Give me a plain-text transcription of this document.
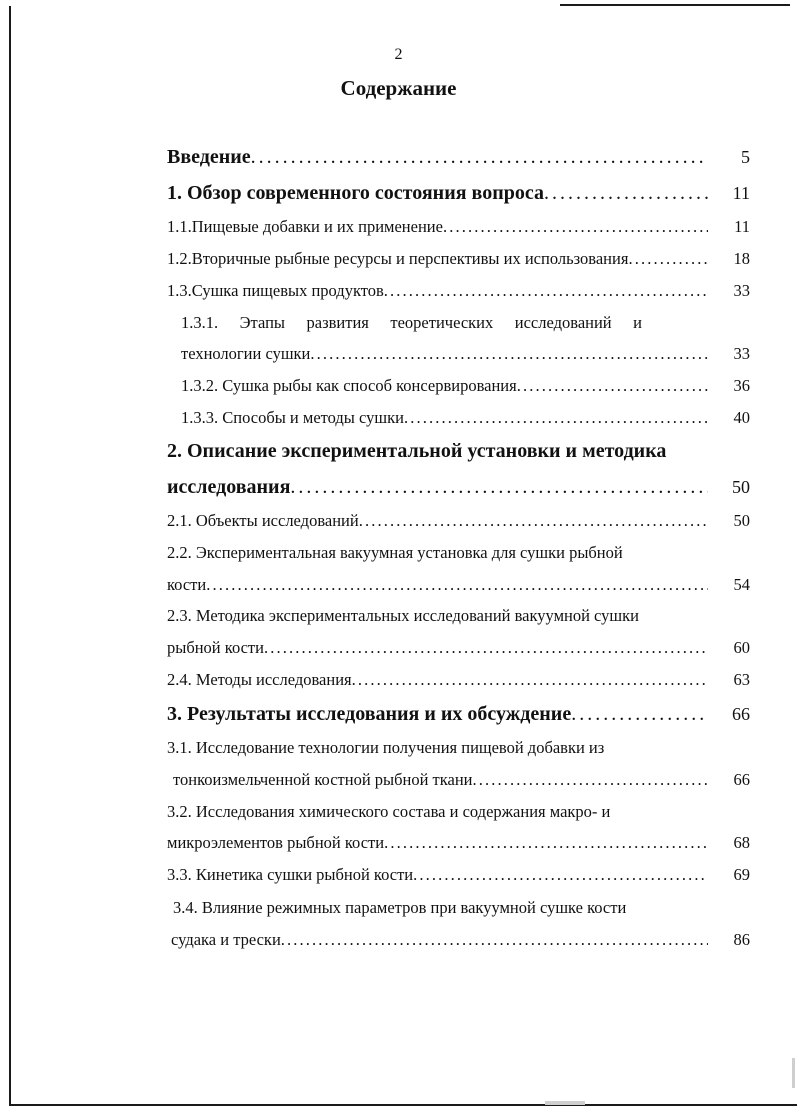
2
Содержание
Введение . . .	5
1. Обзор современного состояния вопроса . . .	11
1.1.Пищевые добавки и их применение . . .	11
1.2.Вторичные рыбные ресурсы и перспективы их использования . . .	18
1.3.Сушка пищевых продуктов . . .	33
1.3.1. Этапы развития теоретических исследований и
технологии сушки . . .	33
1.3.2. Сушка рыбы как способ консервирования . . .	36
1.3.3. Способы и методы сушки . . .	40
2. Описание экспериментальной установки и методика
исследования . . .	50
2.1. Объекты исследований . . .	50
2.2. Экспериментальная вакуумная установка для сушки рыбной
кости . . .	54
2.3. Методика экспериментальных исследований вакуумной сушки
рыбной кости . . .	60
2.4. Методы исследования . . .	63
3. Результаты исследования и их обсуждение . . .	66
3.1. Исследование технологии получения пищевой добавки из
тонкоизмельченной костной рыбной ткани . . .	66
3.2. Исследования химического состава и содержания макро- и
микроэлементов рыбной кости . . .	68
3.3. Кинетика сушки рыбной кости . . .	69
3.4. Влияние режимных параметров при вакуумной сушке кости
судака и трески . . .	86
